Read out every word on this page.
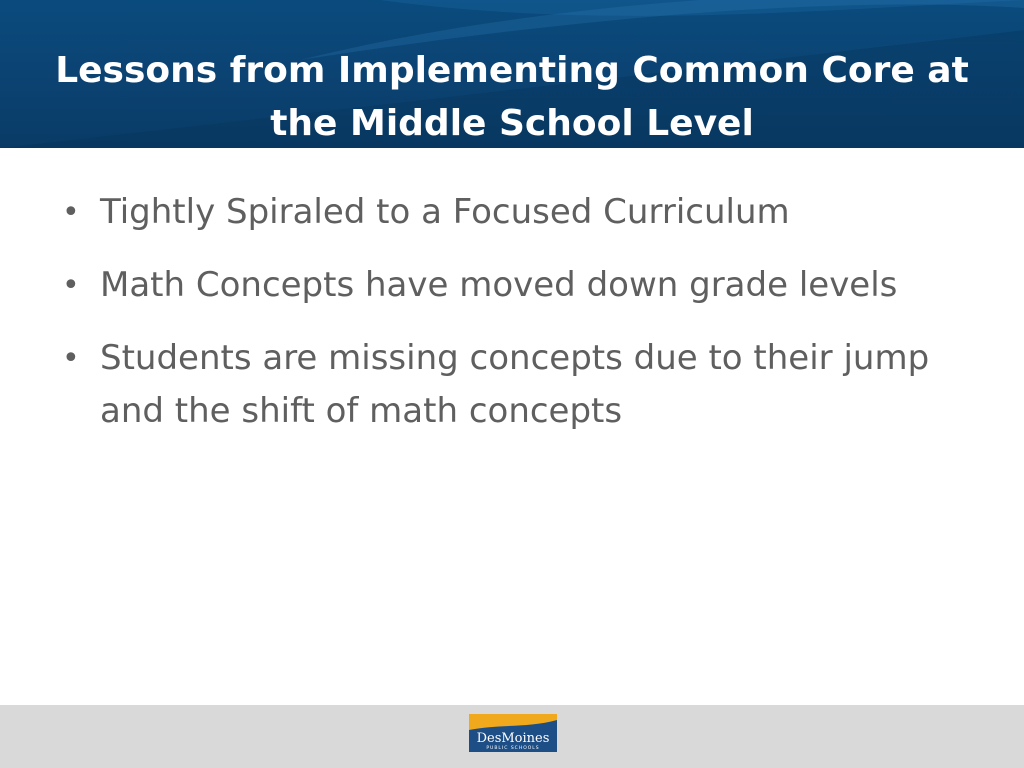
Lessons from Implementing Common Core at the Middle School Level
• Tightly Spiraled to a Focused Curriculum
• Math Concepts have moved down grade levels
• Students are missing concepts due to their jump and the shift of math concepts
DesMoines
PUBLIC SCHOOLS
